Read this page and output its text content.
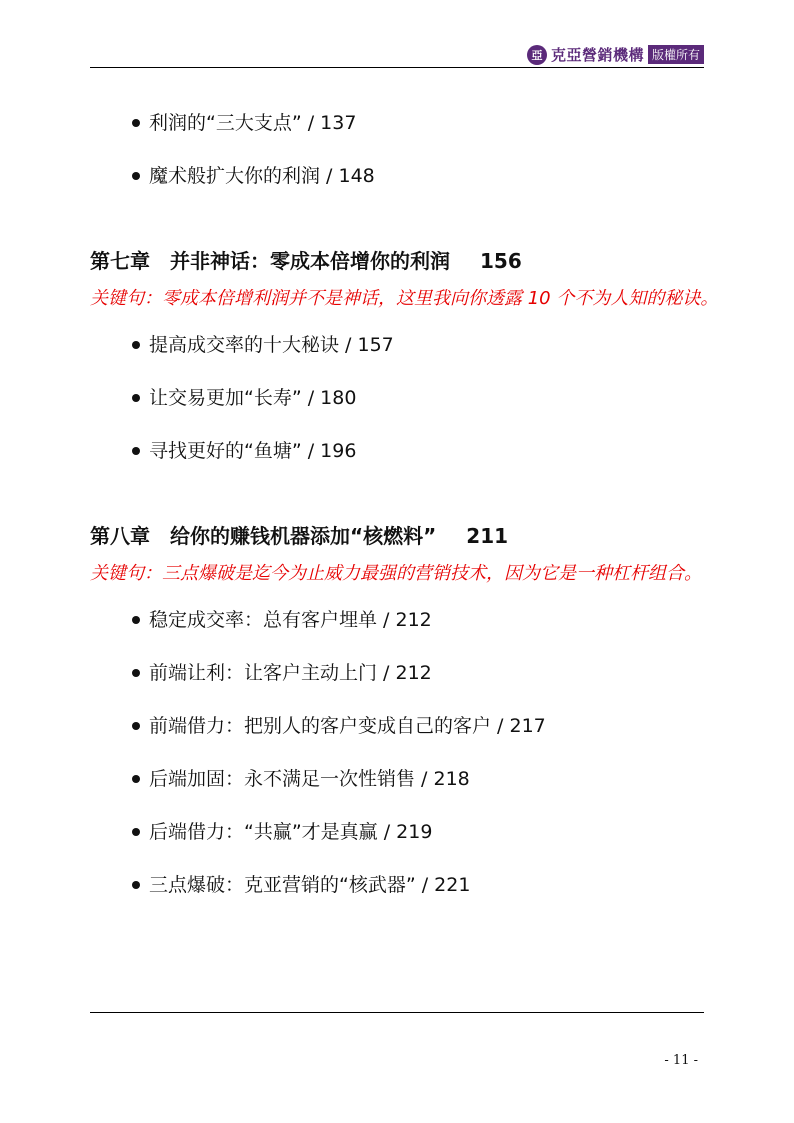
亞 克亞營銷機構 版權所有
利润的“三大支点” / 137
魔术般扩大你的利润 / 148
第七章　并非神话：零成本倍增你的利润 156

关键句：零成本倍增利润并不是神话，这里我向你透露 10 个不为人知的秘诀。

提高成交率的十大秘诀 / 157
让交易更加“长寿” / 180
寻找更好的“鱼塘” / 196
第八章　给你的赚钱机器添加“核燃料” 211

关键句：三点爆破是迄今为止威力最强的营销技术，因为它是一种杠杆组合。

稳定成交率：总有客户埋单 / 212
前端让利：让客户主动上门 / 212
前端借力：把别人的客户变成自己的客户 / 217
后端加固：永不满足一次性销售 / 218
后端借力：“共赢”才是真赢 / 219
三点爆破：克亚营销的“核武器” / 221
- 11 -
